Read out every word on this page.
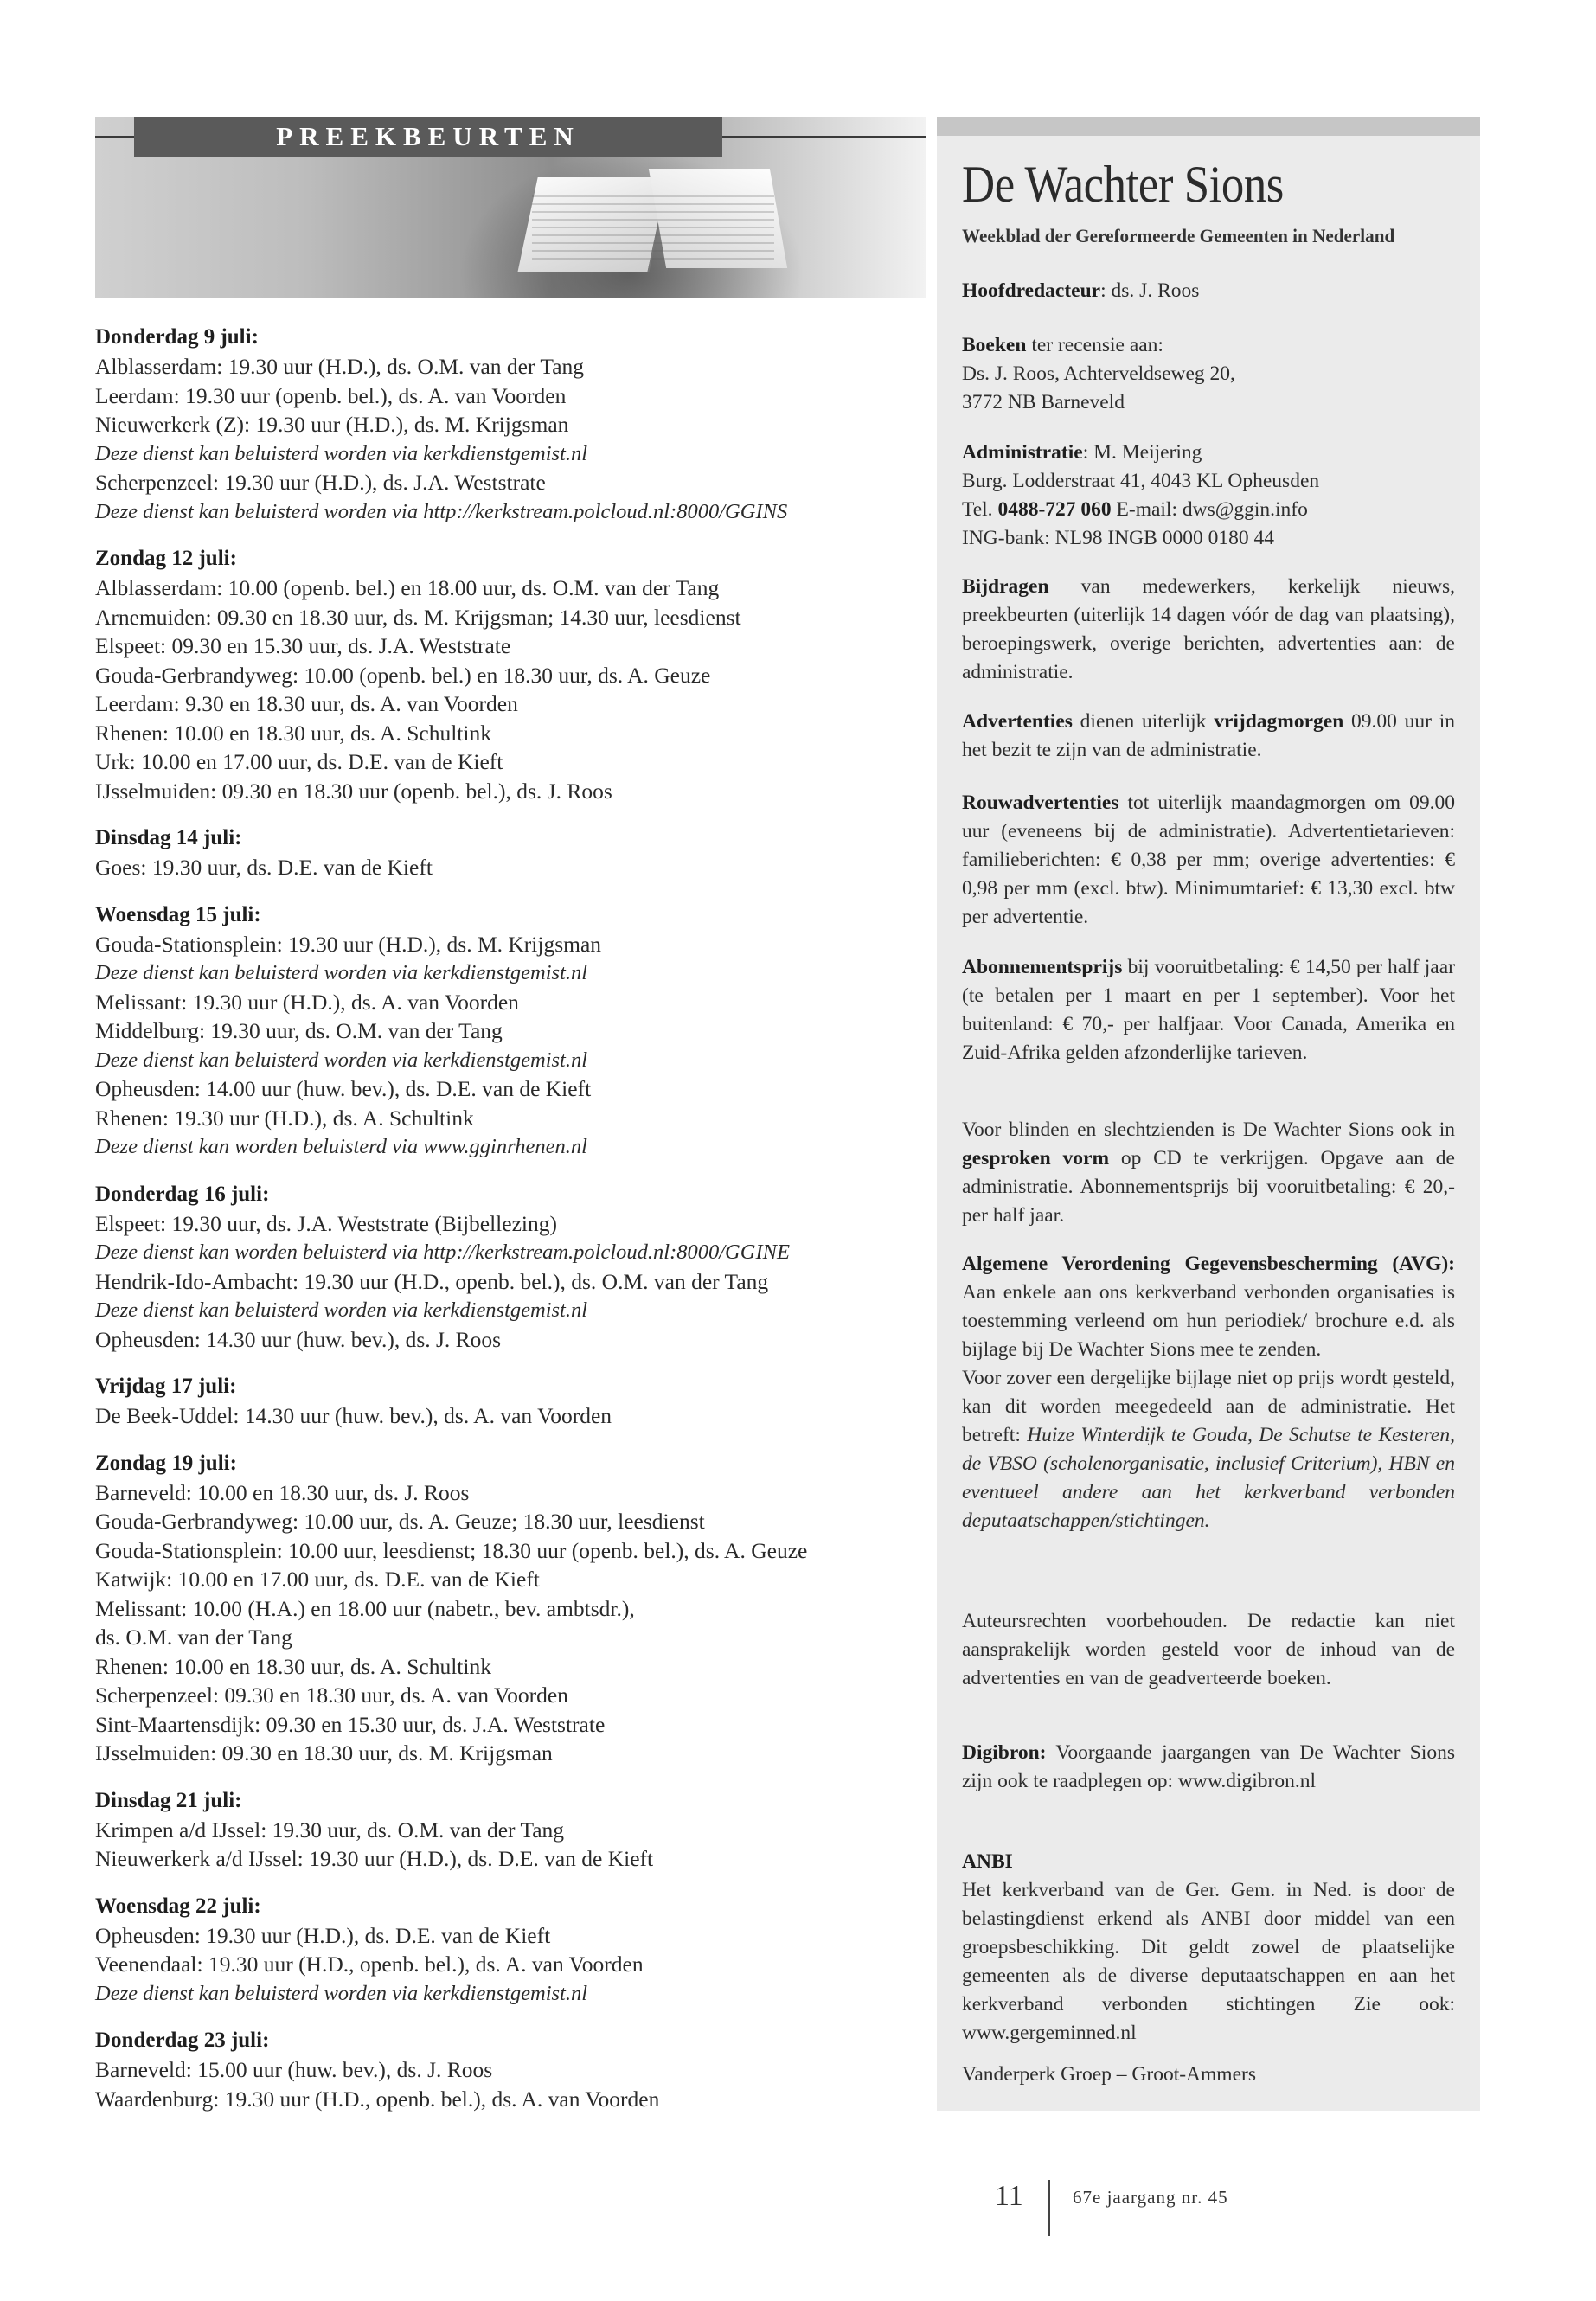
PREEKBEURTEN
Donderdag 9 juli:
Alblasserdam: 19.30 uur (H.D.), ds. O.M. van der Tang
Leerdam: 19.30 uur (openb. bel.), ds. A. van Voorden
Nieuwerkerk (Z): 19.30 uur (H.D.), ds. M. Krijgsman
Deze dienst kan beluisterd worden via kerkdienstgemist.nl
Scherpenzeel: 19.30 uur (H.D.), ds. J.A. Weststrate
Deze dienst kan beluisterd worden via http://kerkstream.polcloud.nl:8000/GGINS
Zondag 12 juli:
Alblasserdam: 10.00 (openb. bel.) en 18.00 uur, ds. O.M. van der Tang
Arnemuiden: 09.30 en 18.30 uur, ds. M. Krijgsman; 14.30 uur, leesdienst
Elspeet: 09.30 en 15.30 uur, ds. J.A. Weststrate
Gouda-Gerbrandyweg: 10.00 (openb. bel.) en 18.30 uur, ds. A. Geuze
Leerdam: 9.30 en 18.30 uur, ds. A. van Voorden
Rhenen: 10.00 en 18.30 uur, ds. A. Schultink
Urk: 10.00 en 17.00 uur, ds. D.E. van de Kieft
IJsselmuiden: 09.30 en 18.30 uur (openb. bel.), ds. J. Roos
Dinsdag 14 juli:
Goes: 19.30 uur, ds. D.E. van de Kieft
Woensdag 15 juli:
Gouda-Stationsplein: 19.30 uur (H.D.), ds. M. Krijgsman
Deze dienst kan beluisterd worden via kerkdienstgemist.nl
Melissant: 19.30 uur (H.D.), ds. A. van Voorden
Middelburg: 19.30 uur, ds. O.M. van der Tang
Deze dienst kan beluisterd worden via kerkdienstgemist.nl
Opheusden: 14.00 uur (huw. bev.), ds. D.E. van de Kieft
Rhenen: 19.30 uur (H.D.), ds. A. Schultink
Deze dienst kan worden beluisterd via www.gginrhenen.nl
Donderdag 16 juli:
Elspeet: 19.30 uur, ds. J.A. Weststrate (Bijbellezing)
Deze dienst kan worden beluisterd via http://kerkstream.polcloud.nl:8000/GGINE
Hendrik-Ido-Ambacht: 19.30 uur (H.D., openb. bel.), ds. O.M. van der Tang
Deze dienst kan beluisterd worden via kerkdienstgemist.nl
Opheusden: 14.30 uur (huw. bev.), ds. J. Roos
Vrijdag 17 juli:
De Beek-Uddel: 14.30 uur (huw. bev.), ds. A. van Voorden
Zondag 19 juli:
Barneveld: 10.00 en 18.30 uur, ds. J. Roos
Gouda-Gerbrandyweg: 10.00 uur, ds. A. Geuze; 18.30 uur, leesdienst
Gouda-Stationsplein: 10.00 uur, leesdienst; 18.30 uur (openb. bel.), ds. A. Geuze
Katwijk: 10.00 en 17.00 uur, ds. D.E. van de Kieft
Melissant: 10.00 (H.A.) en 18.00 uur (nabetr., bev. ambtsdr.),
ds. O.M. van der Tang
Rhenen: 10.00 en 18.30 uur, ds. A. Schultink
Scherpenzeel: 09.30 en 18.30 uur, ds. A. van Voorden
Sint-Maartensdijk: 09.30 en 15.30 uur, ds. J.A. Weststrate
IJsselmuiden: 09.30 en 18.30 uur, ds. M. Krijgsman
Dinsdag 21 juli:
Krimpen a/d IJssel: 19.30 uur, ds. O.M. van der Tang
Nieuwerkerk a/d IJssel: 19.30 uur (H.D.), ds. D.E. van de Kieft
Woensdag 22 juli:
Opheusden: 19.30 uur (H.D.), ds. D.E. van de Kieft
Veenendaal: 19.30 uur (H.D., openb. bel.), ds. A. van Voorden
Deze dienst kan beluisterd worden via kerkdienstgemist.nl
Donderdag 23 juli:
Barneveld: 15.00 uur (huw. bev.), ds. J. Roos
Waardenburg: 19.30 uur (H.D., openb. bel.), ds. A. van Voorden
De Wachter Sions
Weekblad der Gereformeerde Gemeenten in Nederland
Hoofdredacteur: ds. J. Roos

Boeken ter recensie aan:

Ds. J. Roos, Achterveldseweg 20,

3772 NB Barneveld

Administratie: M. Meijering

Burg. Lodderstraat 41, 4043 KL Opheusden

Tel. 0488-727 060 E-mail: dws@ggin.info

ING-bank: NL98 INGB 0000 0180 44

Bijdragen van medewerkers, kerkelijk nieuws, preekbeurten (uiterlijk 14 dagen vóór de dag van plaatsing), beroepingswerk, overige berichten, advertenties aan: de administratie.
Advertenties dienen uiterlijk vrijdagmorgen 09.00 uur in het bezit te zijn van de administratie.
Rouwadvertenties tot uiterlijk maandagmorgen om 09.00 uur (eveneens bij de administratie). Advertentietarieven: familieberichten: € 0,38 per mm; overige advertenties: € 0,98 per mm (excl. btw). Minimumtarief: € 13,30 excl. btw per advertentie.
Abonnementsprijs bij vooruitbetaling: € 14,50 per half jaar (te betalen per 1 maart en per 1 september). Voor het buitenland: € 70,- per halfjaar. Voor Canada, Amerika en Zuid-Afrika gelden afzonderlijke tarieven.
Voor blinden en slechtzienden is De Wachter Sions ook in gesproken vorm op CD te verkrijgen. Opgave aan de administratie. Abonnementsprijs bij vooruitbetaling: € 20,- per half jaar.

Algemene Verordening Gegevensbescherming (AVG): Aan enkele aan ons kerkverband verbonden organisaties is toestemming verleend om hun periodiek/ brochure e.d. als bijlage bij De Wachter Sions mee te zenden.

Voor zover een dergelijke bijlage niet op prijs wordt gesteld, kan dit worden meegedeeld aan de administratie. Het betreft: Huize Winterdijk te Gouda, De Schutse te Kesteren, de VBSO (scholenorganisatie, inclusief Criterium), HBN en eventueel andere aan het kerkverband verbonden deputaatschappen/stichtingen.

Auteursrechten voorbehouden. De redactie kan niet aansprakelijk worden gesteld voor de inhoud van de advertenties en van de geadverteerde boeken.
Digibron: Voorgaande jaargangen van De Wachter Sions zijn ook te raadplegen op: www.digibron.nl

ANBI

Het kerkverband van de Ger. Gem. in Ned. is door de belastingdienst erkend als ANBI door middel van een groepsbeschikking. Dit geldt zowel de plaatselijke gemeenten als de diverse deputaatschappen en aan het kerkverband verbonden stichtingen Zie ook: www.gergeminned.nl

Vanderperk Groep – Groot-Ammers
11	67e jaargang nr. 45
